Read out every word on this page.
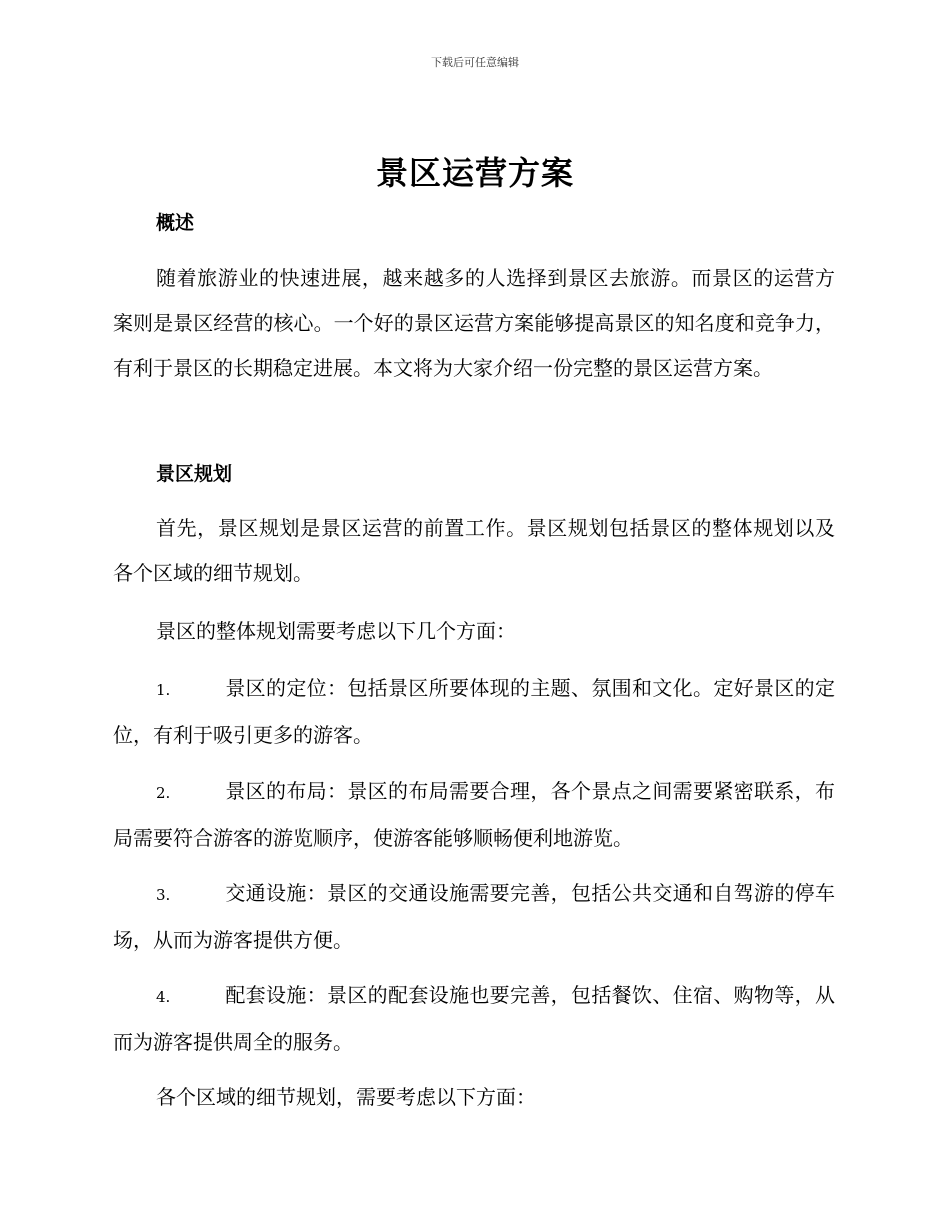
下载后可任意编辑
景区运营方案
概述
随着旅游业的快速进展，越来越多的人选择到景区去旅游。而景区的运营方案则是景区经营的核心。一个好的景区运营方案能够提高景区的知名度和竞争力，有利于景区的长期稳定进展。本文将为大家介绍一份完整的景区运营方案。
景区规划
首先，景区规划是景区运营的前置工作。景区规划包括景区的整体规划以及各个区域的细节规划。
景区的整体规划需要考虑以下几个方面：
1.	景区的定位：包括景区所要体现的主题、氛围和文化。定好景区的定位，有利于吸引更多的游客。
2.	景区的布局：景区的布局需要合理，各个景点之间需要紧密联系，布局需要符合游客的游览顺序，使游客能够顺畅便利地游览。
3.	交通设施：景区的交通设施需要完善，包括公共交通和自驾游的停车场，从而为游客提供方便。
4.	配套设施：景区的配套设施也要完善，包括餐饮、住宿、购物等，从而为游客提供周全的服务。
各个区域的细节规划，需要考虑以下方面：
